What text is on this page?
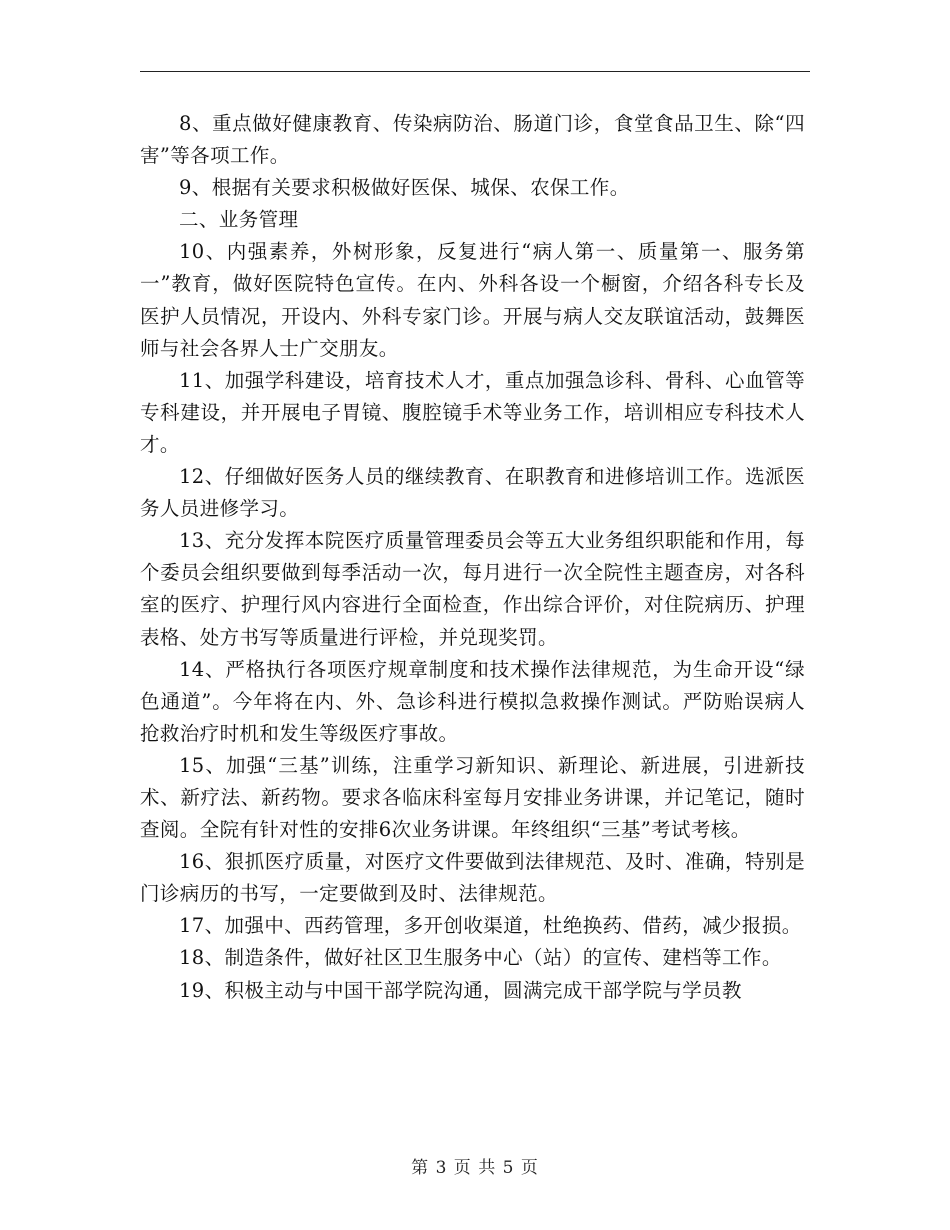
8、重点做好健康教育、传染病防治、肠道门诊，食堂食品卫生、除“四害”等各项工作。

9、根据有关要求积极做好医保、城保、农保工作。

二、业务管理

10、内强素养，外树形象，反复进行“病人第一、质量第一、服务第一”教育，做好医院特色宣传。在内、外科各设一个橱窗，介绍各科专长及医护人员情况，开设内、外科专家门诊。开展与病人交友联谊活动，鼓舞医师与社会各界人士广交朋友。

11、加强学科建设，培育技术人才，重点加强急诊科、骨科、心血管等专科建设，并开展电子胃镜、腹腔镜手术等业务工作，培训相应专科技术人才。

12、仔细做好医务人员的继续教育、在职教育和进修培训工作。选派医务人员进修学习。

13、充分发挥本院医疗质量管理委员会等五大业务组织职能和作用，每个委员会组织要做到每季活动一次，每月进行一次全院性主题查房，对各科室的医疗、护理行风内容进行全面检查，作出综合评价，对住院病历、护理表格、处方书写等质量进行评检，并兑现奖罚。

14、严格执行各项医疗规章制度和技术操作法律规范，为生命开设“绿色通道”。今年将在内、外、急诊科进行模拟急救操作测试。严防贻误病人抢救治疗时机和发生等级医疗事故。

15、加强“三基”训练，注重学习新知识、新理论、新进展，引进新技术、新疗法、新药物。要求各临床科室每月安排业务讲课，并记笔记，随时查阅。全院有针对性的安排6次业务讲课。年终组织“三基”考试考核。

16、狠抓医疗质量，对医疗文件要做到法律规范、及时、准确，特别是门诊病历的书写，一定要做到及时、法律规范。

17、加强中、西药管理，多开创收渠道，杜绝换药、借药，减少报损。

18、制造条件，做好社区卫生服务中心（站）的宣传、建档等工作。

19、积极主动与中国干部学院沟通，圆满完成干部学院与学员教

第 3 页 共 5 页
